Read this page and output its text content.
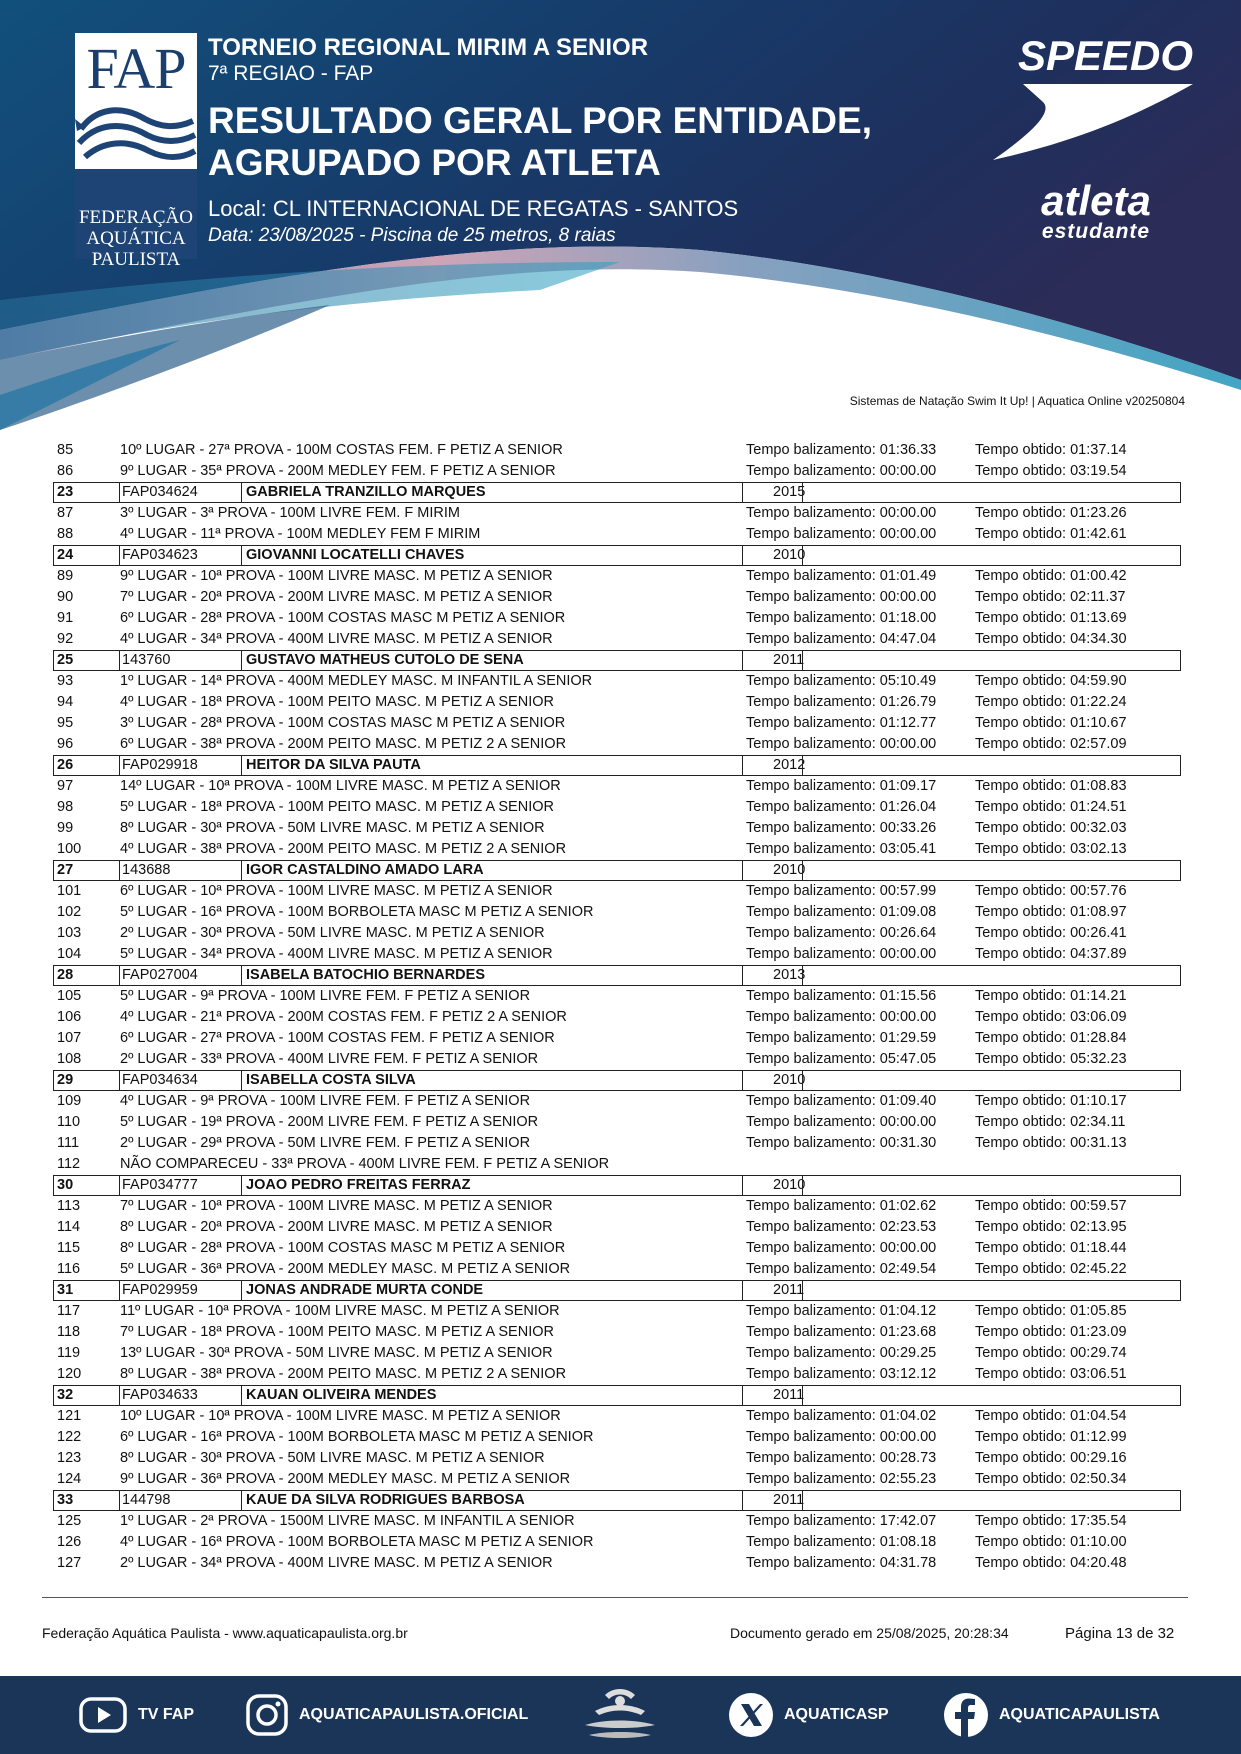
FAP
FEDERAÇÃO
AQUÁTICA
PAULISTA
TORNEIO REGIONAL MIRIM A SENIOR
7ª REGIAO - FAP
RESULTADO GERAL POR ENTIDADE,
AGRUPADO POR ATLETA
Local: CL INTERNACIONAL DE REGATAS - SANTOS
Data: 23/08/2025 - Piscina de 25 metros, 8 raias
SPEEDO
atleta
estudante
Sistemas de Natação Swim It Up! | Aquatica Online v20250804
85	10º LUGAR - 27ª PROVA - 100M COSTAS FEM. F PETIZ A SENIOR	Tempo balizamento: 01:36.33	Tempo obtido: 01:37.14
86	9º LUGAR - 35ª PROVA - 200M MEDLEY FEM. F PETIZ A SENIOR	Tempo balizamento: 00:00.00	Tempo obtido: 03:19.54
23	FAP034624	GABRIELA TRANZILLO MARQUES	2015
87	3º LUGAR - 3ª PROVA - 100M LIVRE FEM. F MIRIM	Tempo balizamento: 00:00.00	Tempo obtido: 01:23.26
88	4º LUGAR - 11ª PROVA - 100M MEDLEY FEM F MIRIM	Tempo balizamento: 00:00.00	Tempo obtido: 01:42.61
24	FAP034623	GIOVANNI LOCATELLI CHAVES	2010
89	9º LUGAR - 10ª PROVA - 100M LIVRE MASC. M PETIZ A SENIOR	Tempo balizamento: 01:01.49	Tempo obtido: 01:00.42
90	7º LUGAR - 20ª PROVA - 200M LIVRE MASC. M PETIZ A SENIOR	Tempo balizamento: 00:00.00	Tempo obtido: 02:11.37
91	6º LUGAR - 28ª PROVA - 100M COSTAS MASC M PETIZ A SENIOR	Tempo balizamento: 01:18.00	Tempo obtido: 01:13.69
92	4º LUGAR - 34ª PROVA - 400M LIVRE MASC. M PETIZ A SENIOR	Tempo balizamento: 04:47.04	Tempo obtido: 04:34.30
25	143760	GUSTAVO MATHEUS CUTOLO DE SENA	2011
93	1º LUGAR - 14ª PROVA - 400M MEDLEY MASC. M INFANTIL A SENIOR	Tempo balizamento: 05:10.49	Tempo obtido: 04:59.90
94	4º LUGAR - 18ª PROVA - 100M PEITO MASC. M PETIZ A SENIOR	Tempo balizamento: 01:26.79	Tempo obtido: 01:22.24
95	3º LUGAR - 28ª PROVA - 100M COSTAS MASC M PETIZ A SENIOR	Tempo balizamento: 01:12.77	Tempo obtido: 01:10.67
96	6º LUGAR - 38ª PROVA - 200M PEITO MASC. M PETIZ 2 A SENIOR	Tempo balizamento: 00:00.00	Tempo obtido: 02:57.09
26	FAP029918	HEITOR DA SILVA PAUTA	2012
97	14º LUGAR - 10ª PROVA - 100M LIVRE MASC. M PETIZ A SENIOR	Tempo balizamento: 01:09.17	Tempo obtido: 01:08.83
98	5º LUGAR - 18ª PROVA - 100M PEITO MASC. M PETIZ A SENIOR	Tempo balizamento: 01:26.04	Tempo obtido: 01:24.51
99	8º LUGAR - 30ª PROVA - 50M LIVRE MASC. M PETIZ A SENIOR	Tempo balizamento: 00:33.26	Tempo obtido: 00:32.03
100	4º LUGAR - 38ª PROVA - 200M PEITO MASC. M PETIZ 2 A SENIOR	Tempo balizamento: 03:05.41	Tempo obtido: 03:02.13
27	143688	IGOR CASTALDINO AMADO LARA	2010
101	6º LUGAR - 10ª PROVA - 100M LIVRE MASC. M PETIZ A SENIOR	Tempo balizamento: 00:57.99	Tempo obtido: 00:57.76
102	5º LUGAR - 16ª PROVA - 100M BORBOLETA MASC M PETIZ A SENIOR	Tempo balizamento: 01:09.08	Tempo obtido: 01:08.97
103	2º LUGAR - 30ª PROVA - 50M LIVRE MASC. M PETIZ A SENIOR	Tempo balizamento: 00:26.64	Tempo obtido: 00:26.41
104	5º LUGAR - 34ª PROVA - 400M LIVRE MASC. M PETIZ A SENIOR	Tempo balizamento: 00:00.00	Tempo obtido: 04:37.89
28	FAP027004	ISABELA BATOCHIO BERNARDES	2013
105	5º LUGAR - 9ª PROVA - 100M LIVRE FEM. F PETIZ A SENIOR	Tempo balizamento: 01:15.56	Tempo obtido: 01:14.21
106	4º LUGAR - 21ª PROVA - 200M COSTAS FEM. F PETIZ 2 A SENIOR	Tempo balizamento: 00:00.00	Tempo obtido: 03:06.09
107	6º LUGAR - 27ª PROVA - 100M COSTAS FEM. F PETIZ A SENIOR	Tempo balizamento: 01:29.59	Tempo obtido: 01:28.84
108	2º LUGAR - 33ª PROVA - 400M LIVRE FEM. F PETIZ A SENIOR	Tempo balizamento: 05:47.05	Tempo obtido: 05:32.23
29	FAP034634	ISABELLA COSTA SILVA	2010
109	4º LUGAR - 9ª PROVA - 100M LIVRE FEM. F PETIZ A SENIOR	Tempo balizamento: 01:09.40	Tempo obtido: 01:10.17
110	5º LUGAR - 19ª PROVA - 200M LIVRE FEM. F PETIZ A SENIOR	Tempo balizamento: 00:00.00	Tempo obtido: 02:34.11
111	2º LUGAR - 29ª PROVA - 50M LIVRE FEM. F PETIZ A SENIOR	Tempo balizamento: 00:31.30	Tempo obtido: 00:31.13
112	NÃO COMPARECEU - 33ª PROVA - 400M LIVRE FEM. F PETIZ A SENIOR
30	FAP034777	JOAO PEDRO FREITAS FERRAZ	2010
113	7º LUGAR - 10ª PROVA - 100M LIVRE MASC. M PETIZ A SENIOR	Tempo balizamento: 01:02.62	Tempo obtido: 00:59.57
114	8º LUGAR - 20ª PROVA - 200M LIVRE MASC. M PETIZ A SENIOR	Tempo balizamento: 02:23.53	Tempo obtido: 02:13.95
115	8º LUGAR - 28ª PROVA - 100M COSTAS MASC M PETIZ A SENIOR	Tempo balizamento: 00:00.00	Tempo obtido: 01:18.44
116	5º LUGAR - 36ª PROVA - 200M MEDLEY MASC. M PETIZ A SENIOR	Tempo balizamento: 02:49.54	Tempo obtido: 02:45.22
31	FAP029959	JONAS ANDRADE MURTA CONDE	2011
117	11º LUGAR - 10ª PROVA - 100M LIVRE MASC. M PETIZ A SENIOR	Tempo balizamento: 01:04.12	Tempo obtido: 01:05.85
118	7º LUGAR - 18ª PROVA - 100M PEITO MASC. M PETIZ A SENIOR	Tempo balizamento: 01:23.68	Tempo obtido: 01:23.09
119	13º LUGAR - 30ª PROVA - 50M LIVRE MASC. M PETIZ A SENIOR	Tempo balizamento: 00:29.25	Tempo obtido: 00:29.74
120	8º LUGAR - 38ª PROVA - 200M PEITO MASC. M PETIZ 2 A SENIOR	Tempo balizamento: 03:12.12	Tempo obtido: 03:06.51
32	FAP034633	KAUAN OLIVEIRA MENDES	2011
121	10º LUGAR - 10ª PROVA - 100M LIVRE MASC. M PETIZ A SENIOR	Tempo balizamento: 01:04.02	Tempo obtido: 01:04.54
122	6º LUGAR - 16ª PROVA - 100M BORBOLETA MASC M PETIZ A SENIOR	Tempo balizamento: 00:00.00	Tempo obtido: 01:12.99
123	8º LUGAR - 30ª PROVA - 50M LIVRE MASC. M PETIZ A SENIOR	Tempo balizamento: 00:28.73	Tempo obtido: 00:29.16
124	9º LUGAR - 36ª PROVA - 200M MEDLEY MASC. M PETIZ A SENIOR	Tempo balizamento: 02:55.23	Tempo obtido: 02:50.34
33	144798	KAUE DA SILVA RODRIGUES BARBOSA	2011
125	1º LUGAR - 2ª PROVA - 1500M LIVRE MASC. M INFANTIL A SENIOR	Tempo balizamento: 17:42.07	Tempo obtido: 17:35.54
126	4º LUGAR - 16ª PROVA - 100M BORBOLETA MASC M PETIZ A SENIOR	Tempo balizamento: 01:08.18	Tempo obtido: 01:10.00
127	2º LUGAR - 34ª PROVA - 400M LIVRE MASC. M PETIZ A SENIOR	Tempo balizamento: 04:31.78	Tempo obtido: 04:20.48
Federação Aquática Paulista - www.aquaticapaulista.org.br	Documento gerado em 25/08/2025, 20:28:34	Página 13 de 32
TV FAP	AQUATICAPAULISTA.OFICIAL	AQUATICASP	AQUATICAPAULISTA
